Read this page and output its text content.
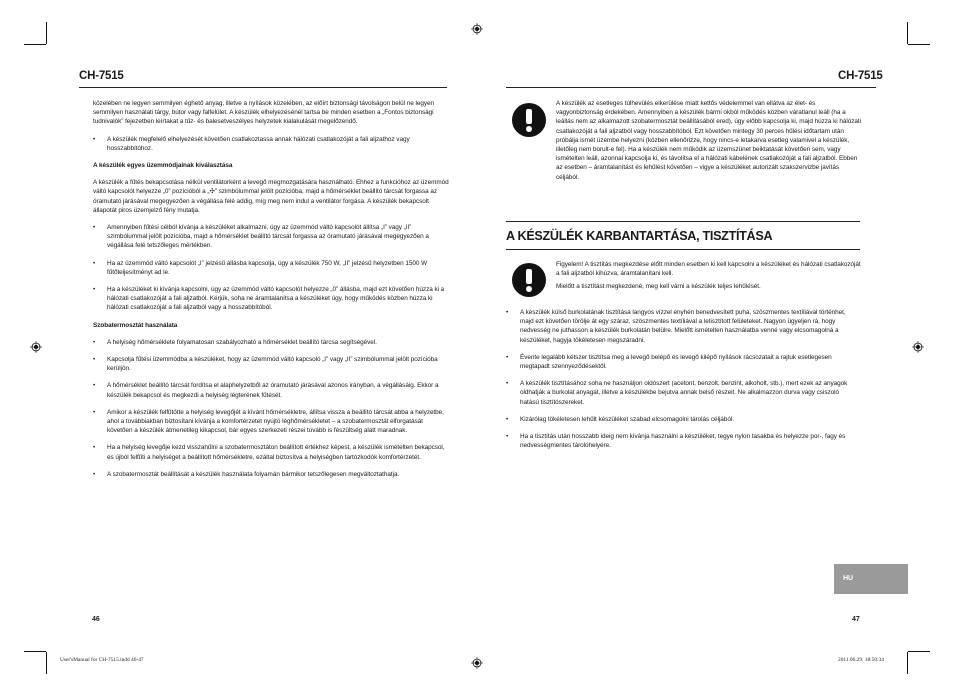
CH-7515

közelében ne legyen semmilyen éghető anyag, illetve a nyílások közelében, az előírt biztonsági távolságon belül ne legyen semmilyen használati tárgy, bútor vagy falfelület. A készülék elhelyezésénél tartsa be minden esetben a „Fontos biztonsági tudnivalók” fejezetben leírtakat a tűz- és balesetveszélyes helyzetek kialakulását megelőzendő.

• A készülék megfelelő elhelyezését követően csatlakoztassa annak hálózati csatlakozóját a fali aljzathoz vagy hosszabbítóhoz.
A készülék egyes üzemmódjainak kiválasztása

A készülék a fűtés bekapcsolása nélkül ventilátorként a levegő megmozgatására használható. Ehhez a funkcióhoz az üzemmód váltó kapcsolót helyezze „0” pozícióból a „✣” szimbólummal jelölt pozícióba, majd a hőmérséklet beállító tárcsát forgassa az óramutató járásával megegyezően a végállása felé addig, míg meg nem indul a ventilátor forgása. A készülék bekapcsolt állapotát piros üzemjelző fény mutatja.

• Amennyiben fűtési célból kívánja a készüléket alkalmazni, úgy az üzemmód váltó kapcsolót állítsa „I” vagy „II” szimbólummal jelölt pozícióba, majd a hőmérséklet beállító tárcsát forgassa az óramutató járásával megegyezően a végállása felé tetszőleges mértékben.
• Ha az üzemmód váltó kapcsolót „I” jelzésű állásba kapcsolja, úgy a készülék 750 W, „II” jelzésű helyzetben 1500 W fűtőteljesítményt ad le.
• Ha a készüléket ki kívánja kapcsolni, úgy az üzemmód váltó kapcsolót helyezze „0” állásba, majd ezt követően húzza ki a hálózati csatlakozóját a fali aljzatból. Kérjük, soha ne áramtalanítsa a készüléket úgy, hogy működés közben húzza ki hálózati csatlakozóját a fali aljzatból vagy a hosszabbítóból.
Szobatermosztát használata
• A helyiség hőmérséklete folyamatosan szabályozható a hőmérséklet beállító tárcsa segítségével.
• Kapcsolja fűtési üzemmódba a készüléket, hogy az üzemmód váltó kapcsoló „I” vagy „II” szimbólummal jelölt pozícióba kerüljön.
• A hőmérséklet beállító tárcsát fordítsa el alaphelyzetből az óramutató járásával azonos irányban, a végállásáig. Ekkor a készülék bekapcsol és megkezdi a helyiség légterének fűtését.
• Amikor a készülék felfűtötte a helyiség levegőjét a kívánt hőmérsékletre, állítsa vissza a beállító tárcsát abba a helyzetbe, ahol a továbbiakban biztosítani kívánja a komfortérzetet nyújtó léghőmérsékletet – a szobatermosztát elforgatását követően a készülék átmenetileg kikapcsol, bár egyes szerkezeti részei tovább is fészültség alatt maradnak.
• Ha a helyiség levegője kezd visszahűlni a szobatermosztáton beállított értékhez képest, a készülék ismételten bekapcsol, és újból felfűti a helyiséget a beállított hőmérsékletre, ezáltal biztosítva a helyiségben tartózkodók komfortérzetét.
• A szobatermosztát beállítását a készülék használata folyamán bármikor tetszőlegesen megváltoztathatja.
46
CH-7515

A készülék az esetleges túlhevülés elkerülése miatt kettős védelemmel van ellátva az élet- és vagyonbiztonság érdekében. Amennyiben a készülék bármi okból működés közben váratlanul leáll (ha a leállás nem az alkalmazott szobatermosztát beállításából ered), úgy előbb kapcsolja ki, majd húzza ki hálózati csatlakozóját a fali aljzatból vagy hosszabbítóból. Ezt követően mintegy 30 perces hűlési időtartam után próbálja ismét üzembe helyezni (közben ellenőrizze, hogy nincs-e letakarva esetleg valamivel a készülék, illetőleg nem borult-e fel). Ha a készülék nem működik az üzemszünet beiktatását követően sem, vagy ismételten leáll, azonnal kapcsolja ki, és távolítsa el a hálózati kábelének csatlakozóját a fali aljzatból. Ebben az esetben – áramtalanítást és lehűlést követően – vigye a készüléket autorizált szakszervizbe javítás céljából.

A KÉSZÜLÉK KARBANTARTÁSA, TISZTÍTÁSA

Figyelem! A tisztítás megkezdése előtt minden esetben ki kell kapcsolni a készüléket és hálózati csatlakozóját a fali aljzatból kihúzva, áramtalanítani kell.

Mielőtt a tisztítást megkezdené, meg kell várni a készülék teljes lehűlését.

• A készülék külső burkolatának tisztítása langyos vízzel enyhén benedvesített puha, szöszmentes textíliával történhet, majd ezt követően törölje át egy száraz, szöszmentes textíliával a letisztított felületeket. Nagyon ügyeljen rá, hogy nedvesség ne juthasson a készülék burkolatán belülre. Mielőtt ismételten használatba venné vagy elcsomagolná a készüléket, hagyja tökéletesen megszáradni.
• Évente legalább kétszer tisztítsa meg a levegő belépő és levegő kilépő nyílások rácsozatait a rajtuk esetlegesen megtapadt szennyeződésektől.
• A készülék tisztításához soha ne használjon oldószert (acetont, benzolt, benzint, alkoholt, stb.), mert ezek az anyagok oldhatják a burkolat anyagát, illetve a készülékbe bejutva annak belső részeit. Ne alkalmazzon durva vagy csiszoló hatású tisztítószereket.
• Kizárólag tökéletesen lehűlt készüléket szabad elcsomagolni tárolás céljából.
• Ha a tisztítás után hosszabb ideig nem kívánja használni a készüléket, tegye nylon tasakba és helyezze por-, fagy és nedvességmentes tárolóhelyére.
HU
47
User'sManual for CH-7515.indd 46-47	2011.06.29. 18:50:34
